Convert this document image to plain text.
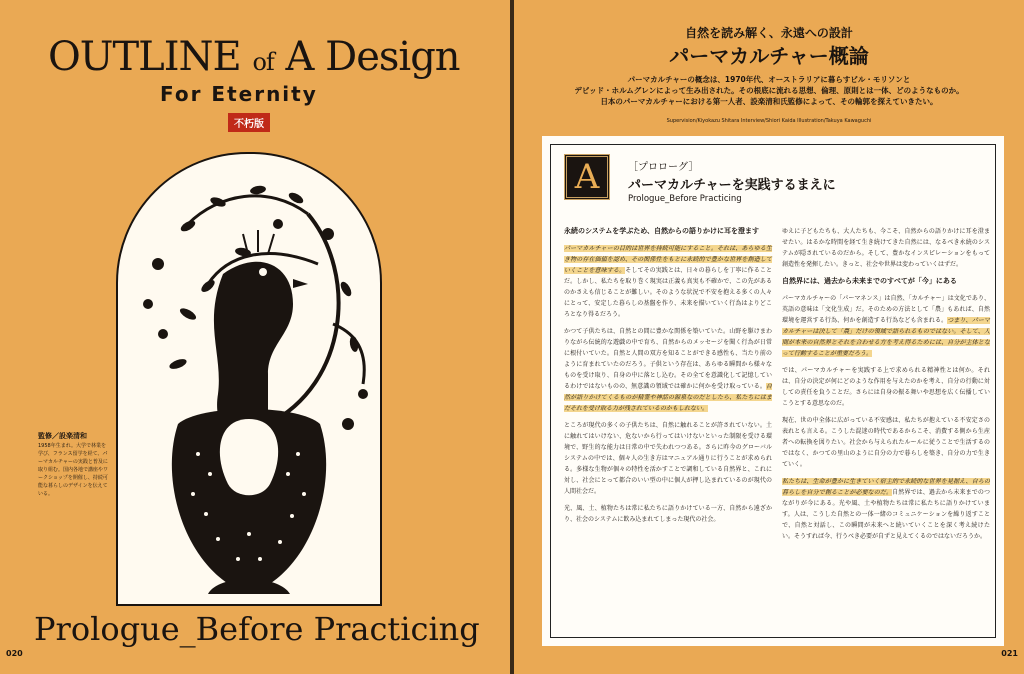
OUTLINE of A Design
For Eternity
不朽版
監修／設楽清和
1958年生まれ。大学で林業を学び、フランス留学を経て、パーマカルチャーの実践と普及に取り組む。国内各地で講座やワークショップを開催し、持続可能な暮らしのデザインを伝えている。
Prologue_Before Practicing
020
自然を読み解く、永遠への設計
パーマカルチャー概論
パーマカルチャーの概念は、1970年代、オーストラリアに暮らすビル・モリソンと
デビッド・ホルムグレンによって生み出された。その根底に流れる思想、倫理、原則とは一体、どのようなものか。
日本のパーマカルチャーにおける第一人者、設楽清和氏監修によって、その輪郭を探えていきたい。
Supervision/Kiyokazu Shitara Interview/Shiori Kaida Illustration/Takuya Kawaguchi
A	［プロローグ］
パーマカルチャーを実践するまえに
Prologue_Before Practicing
永続のシステムを学ぶため、自然からの語りかけに耳を澄ます

パーマカルチャーの目的は世界を持続可能にすること。それは、あらゆる生き物の存在価値を認め、その関係性をもとに永続的で豊かな世界を創造していくことを意味する。そしてその実践とは、日々の暮らしを丁寧に作ることだ。しかし、私たちを取り巻く現実は正義も真実も不確かで、この先があるのかさえも信じることが難しい。そのような状況で不安を抱える多くの人々にとって、安定した暮らしの基盤を作り、未来を描いていく行為はよりどころとなり得るだろう。

かつて子供たちは、自然との間に豊かな関係を築いていた。山野を駆けまわりながら伝統的な遊戯の中で育ち、自然からのメッセージを聞く行為が日常に根付いていた。自然と人間の双方を知ることができる感性も、当たり前のように育まれていたのだろう。子供という存在は、あらゆる瞬間から様々なものを受け取り、自身の中に落とし込む。その全てを意識化して記憶しているわけではないものの、無意識の領域では確かに何かを受け取っている。自然が語りかけてくるものが精霊や神話の源泉なのだとしたら、私たちにはまだそれを受け取る力が残されているのかもしれない。

ところが現代の多くの子供たちは、自然に触れることが許されていない。土に触れてはいけない、危ないから行ってはいけないといった制限を受ける環境で、野生的な能力は日常の中で失われつつある。さらに昨今のグローバルシステムの中では、個々人の生き方はマニュアル通りに行うことが求められる。多様な生物が個々の特性を活かすことで調和している自然界と、これに対し、社会にとって都合のいい型の中に個人が押し込まれているのが現代の人間社会だ。

光、風、土、植物たちは常に私たちに語りかけている一方、自然から遠ざかり、社会のシステムに飲み込まれてしまった現代の社会。

ゆえに子どもたちも、大人たちも、今こそ、自然からの語りかけに耳を澄ませたい。はるかな時間を経て生き続けてきた自然には、なるべき永続のシステムが隠されているのだから。そして、豊かなインスピレーションをもって創造性を発揮したい。きっと、社会や世界は変わっていくはずだ。

自然界には、過去から未来までのすべてが「今」にある

パーマカルチャーの「パーマネンス」は自然、「カルチャー」は文化であり、英語の意味は「文化生成」だ。そのための方法として「農」もあれば、自然環境を運営する行為、何かを創造する行為なども含まれる。つまり、パーマカルチャーは決して「農」だけの領域で語られるものではない。そして、人間が本来の自然界とそれを合わせる方を考え得るためには、自分が主体となって行動することが重要だろう。

では、パーマカルチャーを実践する上で求められる精神性とは何か。それは、自分の決定が何にどのような作用を与えたのかを考え、自分の行動に対しての責任を負うことだ。さらには自身の振る舞いや思想を広く伝播していこうとする意思なのだ。

現在、世の中全体に広がっている不安感は、私たちが抱えている不安定さの表れとも言える。こうした混迷の時代であるからこそ、消費する側から生産者への転換を図りたい。社会から与えられたルールに従うことで生活するのではなく、かつての里山のように自分の力で暮らしを築き、自分の力で生きていく。

私たちは、生命が豊かに生きていく宿主的で永続的な世界を見据え、自らの暮らしを自分で創ることが必要なのだ。自然界では、過去から未来までのつながりが今にある。光や風、土や植物たちは常に私たちに語りかけています。人は、こうした自然との一体一緒のコミュニケーションを繰り返すことで、自然と対話し、この瞬間が未来へと続いていくことを深く考え続けたい。そうすれば今、行うべき必要が自ずと見えてくるのではないだろうか。

021
